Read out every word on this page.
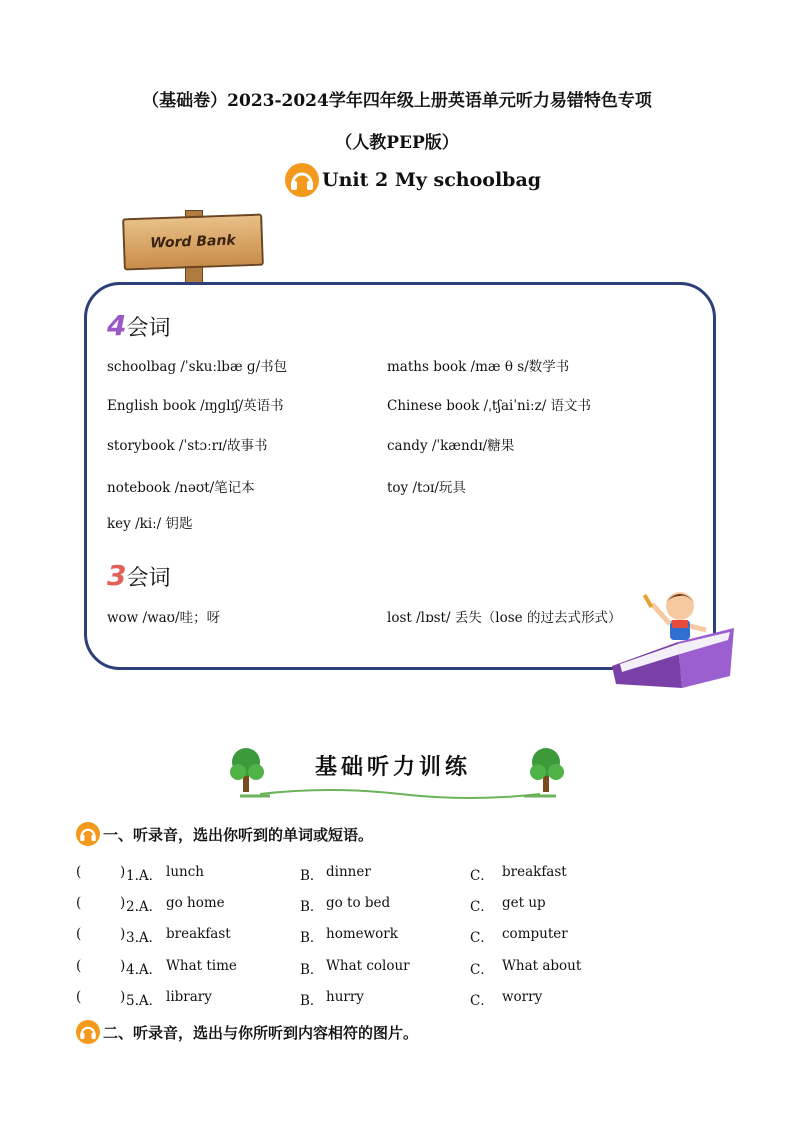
（基础卷）2023-2024学年四年级上册英语单元听力易错特色专项
（人教PEP版）
Unit 2 My schoolbag
Word Bank
4会词
schoolbag /ˈskuːlbæ ɡ/书包	maths book /mæ θ s/数学书
English book /ɪŋɡlɪʃ/英语书	Chinese book /ˌtʃaiˈniːz/ 语文书
storybook /ˈstɔːrɪ/故事书	candy /ˈkændɪ/糖果
notebook /nəʊt/笔记本	toy /tɔɪ/玩具
key /kiː/ 钥匙
3会词
wow /waʊ/哇；呀	lost /lɒst/ 丢失（lose 的过去式形式）
基础听力训练
一、听录音，选出你听到的单词或短语。
(	) 1.A． lunch	B． dinner	C． breakfast
(	) 2.A． go home	B． go to bed	C． get up
(	) 3.A． breakfast	B． homework	C． computer
(	) 4.A． What time	B． What colour	C． What about
(	) 5.A． library	B． hurry	C． worry
二、听录音，选出与你所听到内容相符的图片。
